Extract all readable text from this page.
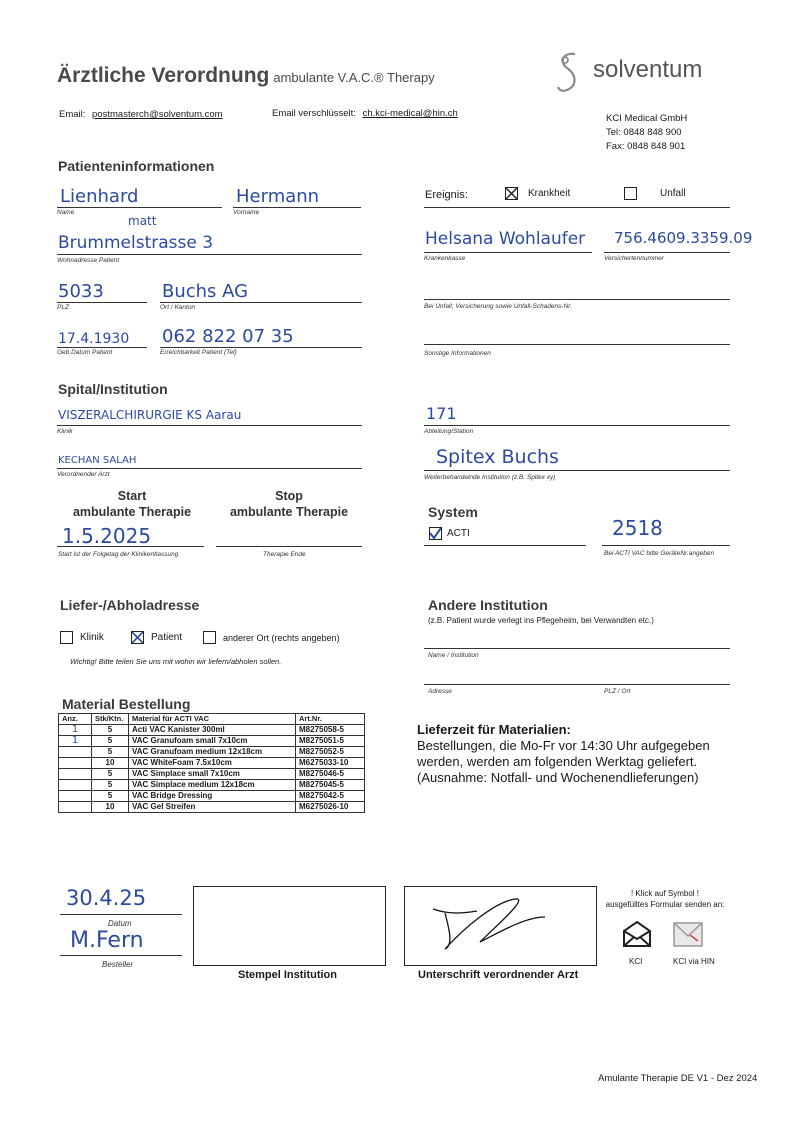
Ärztliche Verordnung ambulante V.A.C.® Therapy	solventum
Email: postmasterch@solventum.com	Email verschlüsselt: ch.kci-medical@hin.ch	KCI Medical GmbH
Tel: 0848 848 900
Fax: 0848 848 901
Patienteninformationen
Lienhard
Name
Hermann
Vorname
matt
Brummelstrasse 3
Wohnadresse Patient
5033
PLZ
Buchs AG
Ort / Kanton
17.4.1930
Geb.Datum Patient
062 822 07 35
Erreichbarkeit Patient (Tel)
Ereignis:	Krankheit	Unfall
Helsana Wohlaufer
Krankenkasse
756.4609.3359.09
Versichertennummer
Bei Unfall; Versicherung sowie Unfall-Schadens-Nr.
Sonstige Informationen
Spital/Institution
VISZERALCHIRURGIE KS Aarau
Klinik
KECHAN SALAH
Verordnender Arzt
171
Abteilung/Station
Spitex Buchs
Weiterbehandelnde Institution (z.B. Spitex xy)
Start
ambulante Therapie
Stop
ambulante Therapie
1.5.2025
Start ist der Folgetag der Klinikentlassung	Therapie Ende
System
ACTI	2518
Bei ACTI VAC bitte GeräteNr.angeben
Liefer-/Abholadresse
Klinik	Patient	anderer Ort (rechts angeben)
Wichtig! Bitte teilen Sie uns mit wohin wir liefern/abholen sollen.
Andere Institution
(z.B. Patient wurde verlegt ins Pflegeheim, bei Verwandten etc.)
Name / Institution
Adresse	PLZ / Ort
Material Bestellung
Anz.	Stk/Ktn.	Material für ACTI VAC	Art.Nr.
1	5	Acti VAC Kanister 300ml	M8275058-5
1	5	VAC Granufoam small 7x10cm	M8275051-5
	5	VAC Granufoam medium 12x18cm	M8275052-5
	10	VAC WhiteFoam 7.5x10cm	M6275033-10
	5	VAC Simplace small 7x10cm	M8275046-5
	5	VAC Simplace medium 12x18cm	M8275045-5
	5	VAC Bridge Dressing	M8275042-5
	10	VAC Gel Streifen	M6275026-10
Lieferzeit für Materialien:
Bestellungen, die Mo-Fr vor 14:30 Uhr aufgegeben
werden, werden am folgenden Werktag geliefert.
(Ausnahme: Notfall- und Wochenendlieferungen)
30.4.25
Datum
M.Fern
Besteller
Stempel Institution	Unterschrift verordnender Arzt
! Klick auf Symbol !
ausgefülltes Formular senden an:
KCI	KCI via HIN
Amulante Therapie DE V1 - Dez 2024
